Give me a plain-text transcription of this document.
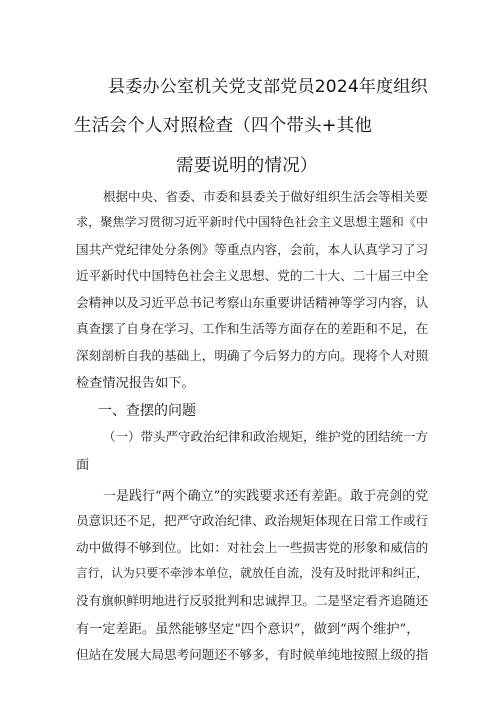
县委办公室机关党支部党员2024年度组织
生活会个人对照检查（四个带头+其他
需要说明的情况）
根据中央、省委、市委和县委关于做好组织生活会等相关要
求，聚焦学习贯彻习近平新时代中国特色社会主义思想主题和《中
国共产党纪律处分条例》等重点内容，会前，本人认真学习了习
近平新时代中国特色社会主义思想、党的二十大、二十届三中全
会精神以及习近平总书记考察山东重要讲话精神等学习内容，认
真查摆了自身在学习、工作和生活等方面存在的差距和不足，在
深刻剖析自我的基础上，明确了今后努力的方向。现将个人对照
检查情况报告如下。
一、查摆的问题
（一）带头严守政治纪律和政治规矩，维护党的团结统一方
面
一是践行“两个确立”的实践要求还有差距。敢于亮剑的党
员意识还不足，把严守政治纪律、政治规矩体现在日常工作或行
动中做得不够到位。比如：对社会上一些损害党的形象和威信的
言行，认为只要不牵涉本单位，就放任自流，没有及时批评和纠正，
没有旗帜鲜明地进行反驳批判和忠诚捍卫。二是坚定看齐追随还
有一定差距。虽然能够坚定“四个意识”，做到“两个维护”，
但站在发展大局思考问题还不够多，有时候单纯地按照上级的指
